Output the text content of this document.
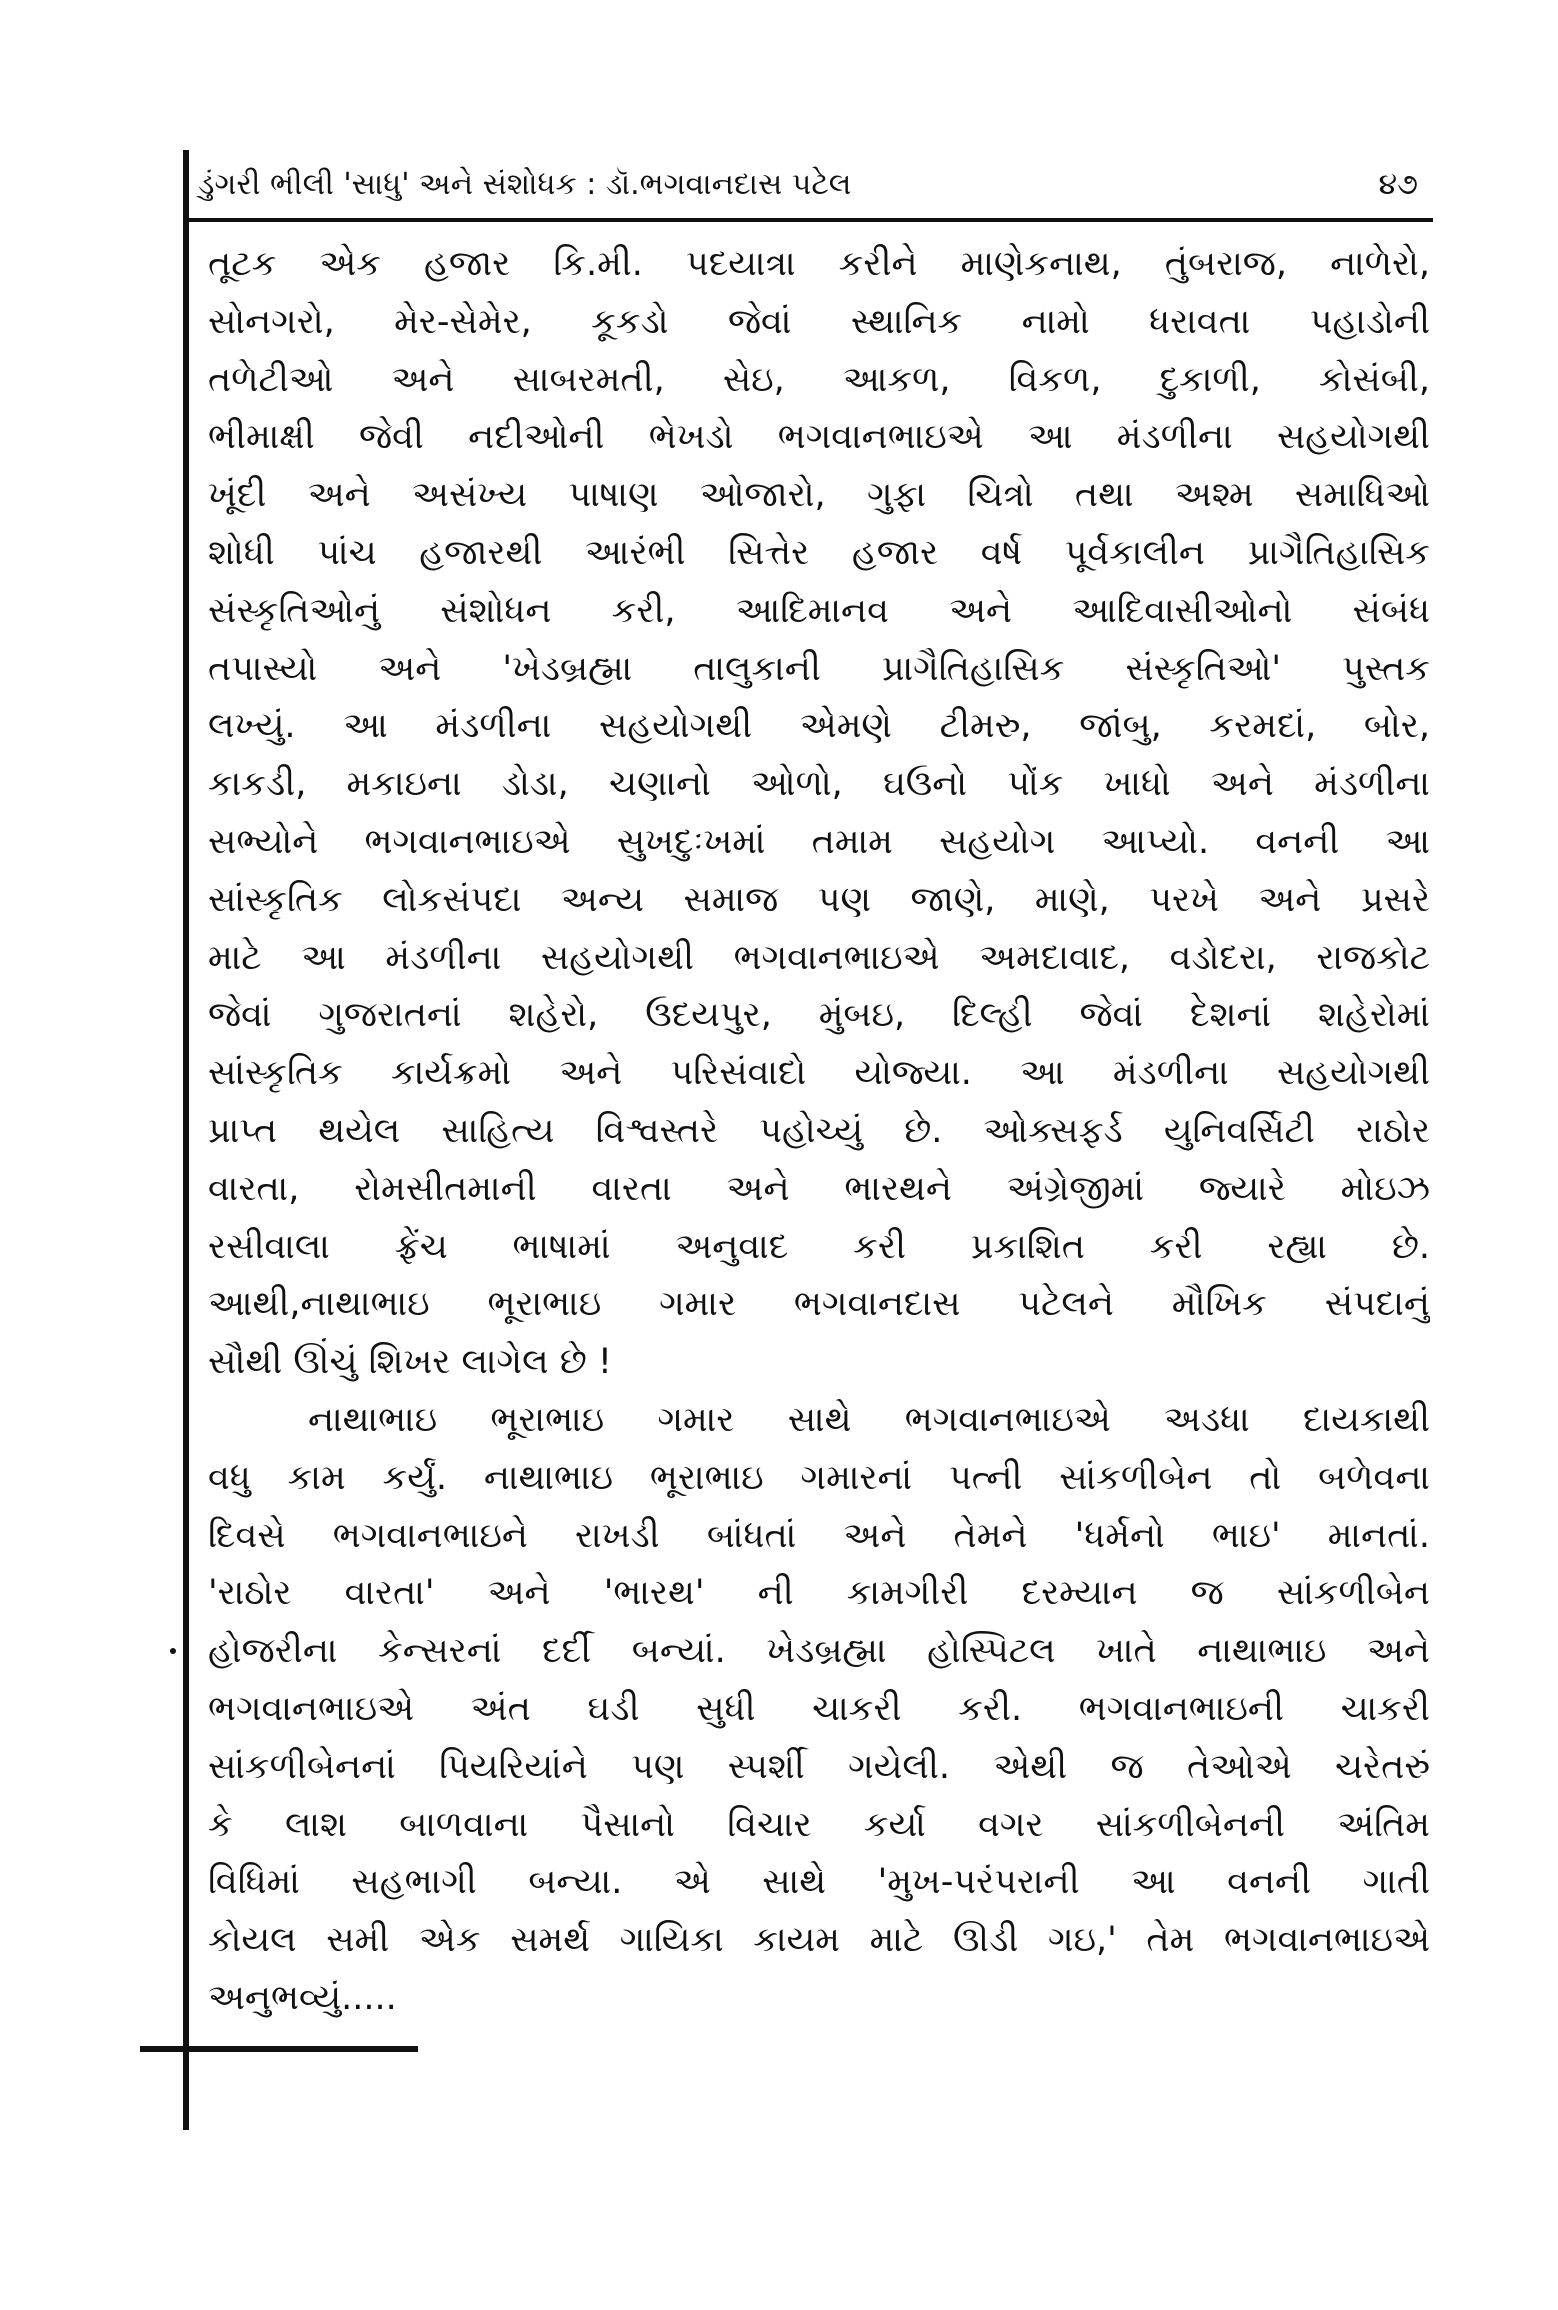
ડુંગરી ભીલી 'સાધુ' અને સંશોધક : ડૉ.ભગવાનદાસ પટેલ	૪૭

તૂટક એક હજાર કિ.મી. પદયાત્રા કરીને માણેકનાથ, તુંબરાજ, નાળેરો,
સોનગરો, મેર-સેમેર, કૂકડો જેવાં સ્થાનિક નામો ધરાવતા પહાડોની
તળેટીઓ અને સાબરમતી, સેઇ, આકળ, વિકળ, દુકાળી, કોસંબી,
ભીમાક્ષી જેવી નદીઓની ભેખડો ભગવાનભાઇએ આ મંડળીના સહયોગથી
ખૂંદી અને અસંખ્ય પાષાણ ઓજારો, ગુફા ચિત્રો તથા અશ્મ સમાધિઓ
શોધી પાંચ હજારથી આરંભી સિત્તેર હજાર વર્ષ પૂર્વકાલીન પ્રાગૈતિહાસિક
સંસ્કૃતિઓનું સંશોધન કરી, આદિમાનવ અને આદિવાસીઓનો સંબંધ
તપાસ્યો અને 'ખેડબ્રહ્મા તાલુકાની પ્રાગૈતિહાસિક સંસ્કૃતિઓ' પુસ્તક
લખ્યું. આ મંડળીના સહયોગથી એમણે ટીમરુ, જાંબુ, કરમદાં, બોર,
કાકડી, મકાઇના ડોડા, ચણાનો ઓળો, ઘઉનો પોંક ખાધો અને મંડળીના
સભ્યોને ભગવાનભાઇએ સુખદુઃખમાં તમામ સહયોગ આપ્યો. વનની આ
સાંસ્કૃતિક લોકસંપદા અન્ય સમાજ પણ જાણે, માણે, પરખે અને પ્રસરે
માટે આ મંડળીના સહયોગથી ભગવાનભાઇએ અમદાવાદ, વડોદરા, રાજકોટ
જેવાં ગુજરાતનાં શહેરો, ઉદયપુર, મુંબઇ, દિલ્હી જેવાં દેશનાં શહેરોમાં
સાંસ્કૃતિક કાર્યક્રમો અને પરિસંવાદો યોજ્યા. આ મંડળીના સહયોગથી
પ્રાપ્ત થયેલ સાહિત્ય વિશ્વસ્તરે પહોચ્યું છે. ઓક્સફર્ડ યુનિવર્સિટી રાઠોર
વારતા, રોમસીતમાની વારતા અને ભારથને અંગ્રેજીમાં જ્યારે મોઇઝ
રસીવાલા ફ્રેંચ ભાષામાં અનુવાદ કરી પ્રકાશિત કરી રહ્યા છે.
આથી,નાથાભાઇ ભૂરાભાઇ ગમાર ભગવાનદાસ પટેલને મૌખિક સંપદાનું
સૌથી ઊંચું શિખર લાગેલ છે !

નાથાભાઇ ભૂરાભાઇ ગમાર સાથે ભગવાનભાઇએ અડધા દાયકાથી
વધુ કામ કર્યું. નાથાભાઇ ભૂરાભાઇ ગમારનાં પત્ની સાંકળીબેન તો બળેવના
દિવસે ભગવાનભાઇને રાખડી બાંધતાં અને તેમને 'ધર્મનો ભાઇ' માનતાં.
'રાઠોર વારતા' અને 'ભારથ' ની કામગીરી દરમ્યાન જ સાંકળીબેન
હોજરીના કેન્સરનાં દર્દી બન્યાં. ખેડબ્રહ્મા હોસ્પિટલ ખાતે નાથાભાઇ અને
ભગવાનભાઇએ અંત ઘડી સુધી ચાકરી કરી. ભગવાનભાઇની ચાકરી
સાંકળીબેનનાં પિયરિયાંને પણ સ્પર્શી ગયેલી. એથી જ તેઓએ ચરેતરું
કે લાશ બાળવાના પૈસાનો વિચાર કર્યા વગર સાંકળીબેનની અંતિમ
વિધિમાં સહભાગી બન્યા. એ સાથે 'મુખ-પરંપરાની આ વનની ગાતી
કોયલ સમી એક સમર્થ ગાયિકા કાયમ માટે ઊડી ગઇ,' તેમ ભગવાનભાઇએ
અનુભવ્યું.....
